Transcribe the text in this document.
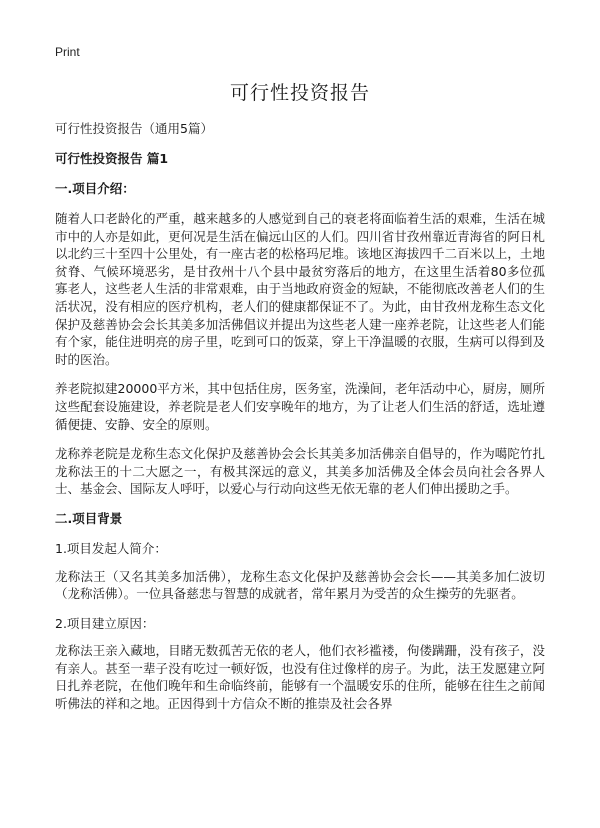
Print
可行性投资报告

可行性投资报告（通用5篇）

可行性投资报告 篇1

一.项目介绍：

随着人口老龄化的严重，越来越多的人感觉到自己的衰老将面临着生活的艰难，生活在城市中的人亦是如此，更何况是生活在偏远山区的人们。四川省甘孜州靠近青海省的阿日札以北约三十至四十公里处，有一座古老的松格玛尼堆。该地区海拔四千二百米以上，土地贫脊、气候环境恶劣，是甘孜州十八个县中最贫穷落后的地方，在这里生活着80多位孤寡老人，这些老人生活的非常艰难，由于当地政府资金的短缺，不能彻底改善老人们的生活状况，没有相应的医疗机构，老人们的健康都保证不了。为此，由甘孜州龙称生态文化保护及慈善协会会长其美多加活佛倡议并提出为这些老人建一座养老院，让这些老人们能有个家，能住进明亮的房子里，吃到可口的饭菜，穿上干净温暖的衣服，生病可以得到及时的医治。

养老院拟建20000平方米，其中包括住房，医务室，洗澡间，老年活动中心，厨房，厕所这些配套设施建设，养老院是老人们安享晚年的地方，为了让老人们生活的舒适，选址遵循便捷、安静、安全的原则。

龙称养老院是龙称生态文化保护及慈善协会会长其美多加活佛亲自倡导的，作为噶陀竹扎龙称法王的十二大愿之一，有极其深远的意义，其美多加活佛及全体会员向社会各界人士、基金会、国际友人呼吁，以爱心与行动向这些无依无靠的老人们伸出援助之手。

二.项目背景

1.项目发起人简介：

龙称法王（又名其美多加活佛），龙称生态文化保护及慈善协会会长——其美多加仁波切（龙称活佛）。一位具备慈悲与智慧的成就者，常年累月为受苦的众生操劳的先驱者。

2.项目建立原因：

龙称法王亲入藏地，目睹无数孤苦无依的老人，他们衣衫褴褛，佝偻蹒跚，没有孩子，没有亲人。甚至一辈子没有吃过一顿好饭，也没有住过像样的房子。为此，法王发愿建立阿日扎养老院，在他们晚年和生命临终前，能够有一个温暖安乐的住所，能够在往生之前闻听佛法的祥和之地。正因得到十方信众不断的推崇及社会各界
